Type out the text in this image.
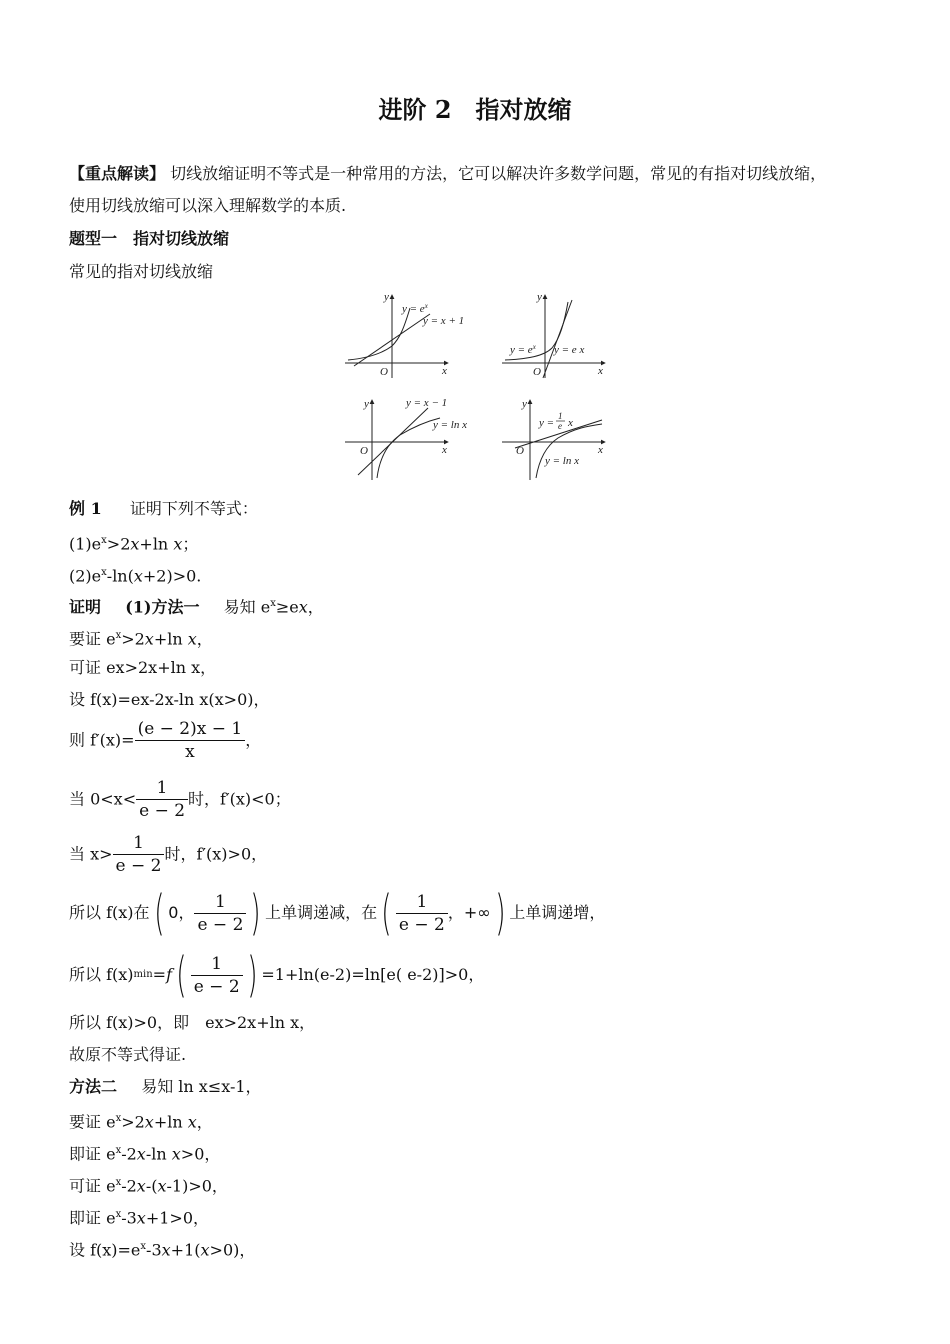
进阶 2　指对放缩
【重点解读】 切线放缩证明不等式是一种常用的方法，它可以解决许多数学问题，常见的有指对切线放缩，
使用切线放缩可以深入理解数学的本质.
题型一　指对切线放缩
常见的指对切线放缩
y
x
O
$y = e^x$
y = x + 1
y
x
O
$y = e^x$ y = e x
y
x
O
y = x − 1
y = ln x
y
x
O
y =
1
e x
y = ln x
例 1 证明下列不等式：
$(1)e^x>2x+\ln$ x；
$(2)e^x-\ln(x+2)>0$.
证明 (1)方法一 易知 $e^x\ge ex$，
要证 $e^x>2x+\ln$ x，
可证 ex>2x+ln x，
设 f(x)=ex-2x-ln x(x>0)，
则 $f'(x)= \frac{(e - 2)x - 1}{x}$ ，
当 $0<x< \frac{1}{e - 2}$ 时，f′(x)<0；
当 $x> \frac{1}{e - 2}$ 时，f′(x)>0，
所以 f(x)在( 0， $\frac{1}{e - 2}$ ) 上单调递减，在( $\frac{1}{e - 2}$ ，+∞) 上单调递增，
所以 $f(x)\min=f( \frac{1}{e - 2}$ ) =1+ln(e-2)=ln[e( e-2)]>0，
所以 f(x)>0，即　ex>2x+ln x，
故原不等式得证.
方法二 易知 ln x≤x-1，
要证 $e^x>2x+\ln$ x，
即证 $e^x-2x-\ln$ x>0，
可证 $e^x-2x-(x-1)>0$，
即证 $e^x-3x+1>0$，
设 $f(x)=e^x-3x+1(x>0)$，
